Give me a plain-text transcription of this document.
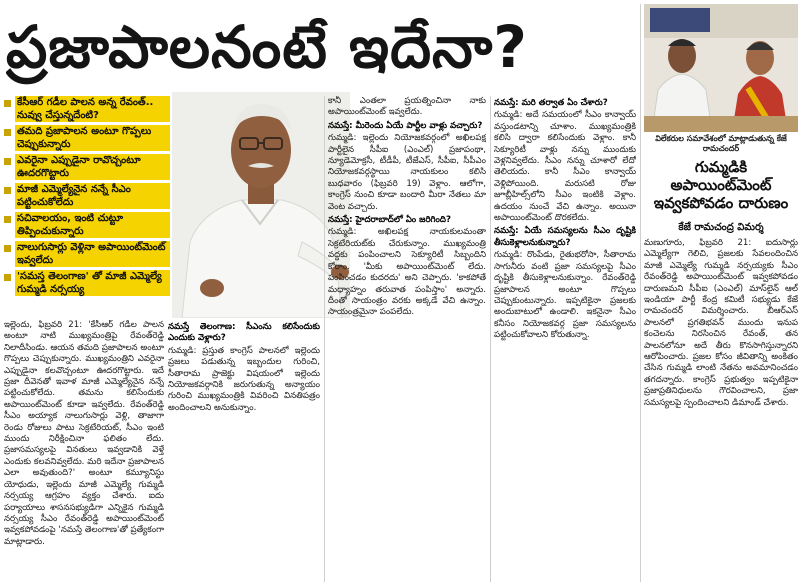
ప్రజాపాలనంటే ఇదేనా?
కేసీఆర్ గడీల పాలన అన్న రేవంత్.. నువ్వు చేస్తున్నదేంటి?
తమది ప్రజాపాలన అంటూ గొప్పలు చెప్పుకున్నారు
ఎవరైనా ఎప్పుడైనా రావొచ్చంటూ ఊదరగొట్టారు
మాజీ ఎమ్మెల్యేనైన నన్నే సీఎం పట్టించుకోలేదు
సచివాలయం, ఇంటి చుట్టూ తిప్పించుకున్నారు
నాలుగుసార్లు వెళ్లినా అపాయింట్‌మెంట్ ఇవ్వలేదు
'సమస్త తెలంగాణ' తో మాజీ ఎమ్మెల్యే గుమ్మడి నర్సయ్య

ఇల్లెందు, ఫిబ్రవరి 21: 'కేసీఆర్ గడీల పాలన అంటూ నాటి ముఖ్యమంత్రిపై రేవంత్‌రెడ్డి నిలాదీసిండు. ఆయన తమది ప్రజాపాలన అంటూ గొప్పలు చెప్పుకున్నారు. ముఖ్యమంత్రిని ఎవరైనా ఎప్పుడైనా కలవొచ్చంటూ ఊదరగొట్టారు. ఇదే ప్రజా దీవెనతో ఇవాళ మాజీ ఎమ్మెల్యేనైన నన్నే పట్టించుకోలేదు. తమను కలిసేందుకు అపాయింట్‌మెంట్ కూడా ఇవ్వలేదు. రేవంత్‌రెడ్డి సీఎం అయ్యాక నాలుగుసార్లు వెళ్లి, తాజాగా రెండు రోజులు పాటు సెక్రటేరియట్, సీఎం ఇంటి ముందు నిరీక్షించినా ఫలితం లేదు. ప్రజాసమస్యలపై వినతులు ఇవ్వడానికి వెళ్తే ఎందుకు కలవనివ్వలేదు. మరి ఇదేనా ప్రజాపాలన ఎలా అవుతుంది?' అంటూ కమ్యూనిస్టు యోధుడు, ఇల్లెందు మాజీ ఎమ్మెల్యే గుమ్మడి నర్సయ్య ఆగ్రహం వ్యక్తం చేశారు. ఐదు పర్యాయాలు శాసనసభ్యుడిగా ఎన్నికైన గుమ్మడి నర్సయ్య సీఎం రేవంత్‌రెడ్డి అపాయింట్‌మెంట్ ఇవ్వకపోవడంపై 'నమస్తే తెలంగాణ'తో ప్రత్యేకంగా మాట్లాడారు.

నమస్తే తెలంగాణ: సీఎంను కలిసేందుకు ఎందుకు వెళ్లారు?

గుమ్మడి: ప్రస్తుత కాంగ్రెస్ పాలనలో ఇల్లెందు ప్రజలు పడుతున్న ఇబ్బందుల గురించి, సీతారామ ప్రాజెక్టు విషయంలో ఇల్లెందు నియోజకవర్గానికి జరుగుతున్న అన్యాయం గురించి ముఖ్యమంత్రికి వివరించి వినతిపత్రం అందించాలని అనుకున్నాం.

కానీ ఎంతలా ప్రయత్నించినా నాకు అపాయింట్‌మెంట్ ఇవ్వలేదు.

నమస్తే: మీరెందు ఏయే పార్టీల వాళ్లు వచ్చారు?

గుమ్మడి: ఇల్లెందు నియోజకవర్గంలో అఖిలపక్ష పార్టీలైన సీపీఐ (ఎంఎల్) ప్రజాపంథా, న్యూడెమోక్రసీ, టీడీపీ, టీజేఎస్, సీపీఐ, సీపీఎం నియోజకవర్గస్థాయి నాయకులం కలిసి బుధవారం (ఫిబ్రవరి 19) వెళ్లాం. ఆలోగా, కాంగ్రెస్ నుంచి కూడా బందారి మీరా నేతలు మా వెంట వచ్చారు.

నమస్తే: హైదరాబాద్‌లో ఏం జరిగింది?

గుమ్మడి: అఖిలపక్ష నాయకులమంతా సెక్రటేరియట్‌కు చేరుకున్నాం. ముఖ్యమంత్రి వద్దకు పంపించాలని సెక్యూరిటీ సిబ్బందిని కోరాం. 'మీకు అపాయింట్‌మెంట్ లేదు. పంపించడం కుదరదు' అని చెప్పారు. 'కాకపోతే మధ్యాహ్నం తరువాత పంపిస్తాం' అన్నారు. దీంతో సాయంత్రం వరకు అక్కడే వేచి ఉన్నాం. సాయంత్రమైనా పంపలేదు.

నమస్తే: మరి తర్వాత ఏం చేశారు?

గుమ్మడి: అదే సమయంలో సీఎం కాన్వాయ్ వస్తుండటాన్ని చూశాం. ముఖ్యమంత్రికి కలిసి ద్వారా కలిసేందుకు వెళ్లాం. కానీ సెక్యూరిటీ వాళ్లు నన్ను ముందుకు వెళ్లనివ్వలేదు. సీఎం నన్ను చూశారో లేదో తెలియదు. కానీ సీఎం కాన్వాయ్ వెళ్లిపోయింది. మరుసటి రోజు జూబ్లీహిల్స్‌లోని సీఎం ఇంటికి వెళ్లాం. ఉదయం నుంచే వేచి ఉన్నాం. అయినా అపాయింట్‌మెంట్ దొరకలేదు.

నమస్తే: ఏయే సమస్యలను సీఎం దృష్టికి తీసుకెళ్లాలనుకున్నారు?

గుమ్మడి: రొంపేడు, రైతుభరోసా, సీతారామ సాగునీరు వంటి ప్రజా సమస్యలపై సీఎం దృష్టికి తీసుకెళ్లాలనుకున్నాం. రేవంత్‌రెడ్డి ప్రజాపాలన అంటూ గొప్పలు చెప్పుకుంటున్నారు. ఇప్పటికైనా ప్రజలకు అందుబాటులో ఉండాలి. ఇకనైనా సీఎం కనీసం నియోజకవర్గ ప్రజా సమస్యలను పట్టించుకోవాలని కోరుతున్నా.

విలేకరుల సమావేశంలో మాట్లాడుతున్న కేజే రామచందర్
గుమ్మడికి అపాయింట్‌మెంట్ ఇవ్వకపోవడం దారుణం
కేజే రామచంద్ర విమర్శ

మణుగూరు, ఫిబ్రవరి 21: ఐదుసార్లు ఎమ్మెల్యేగా గెలిచి, ప్రజలకు సేవలందించిన మాజీ ఎమ్మెల్యే గుమ్మడి నర్సయ్యకు సీఎం రేవంత్‌రెడ్డి అపాయింట్‌మెంట్ ఇవ్వకపోవడం దారుణమని సీపీఐ (ఎంఎల్) మాస్‌లైన్ ఆల్ ఇండియా పార్టీ కేంద్ర కమిటీ సభ్యుడు కేజే రామచందర్ విమర్శించారు. బీఆర్ఎస్ పాలనలో ప్రగతిభవన్ ముందు ఇనుప కంచెలను నిరసించిన రేవంత్, తన పాలనలోనూ అదే తీరు కొనసాగిస్తున్నారని ఆరోపించారు. ప్రజల కోసం జీవితాన్ని అంకితం చేసిన గుమ్మడి లాంటి నేతను అవమానించడం తగదన్నారు. కాంగ్రెస్ ప్రభుత్వం ఇప్పటికైనా ప్రజాప్రతినిధులను గౌరవించాలని, ప్రజా సమస్యలపై స్పందించాలని డిమాండ్ చేశారు.
